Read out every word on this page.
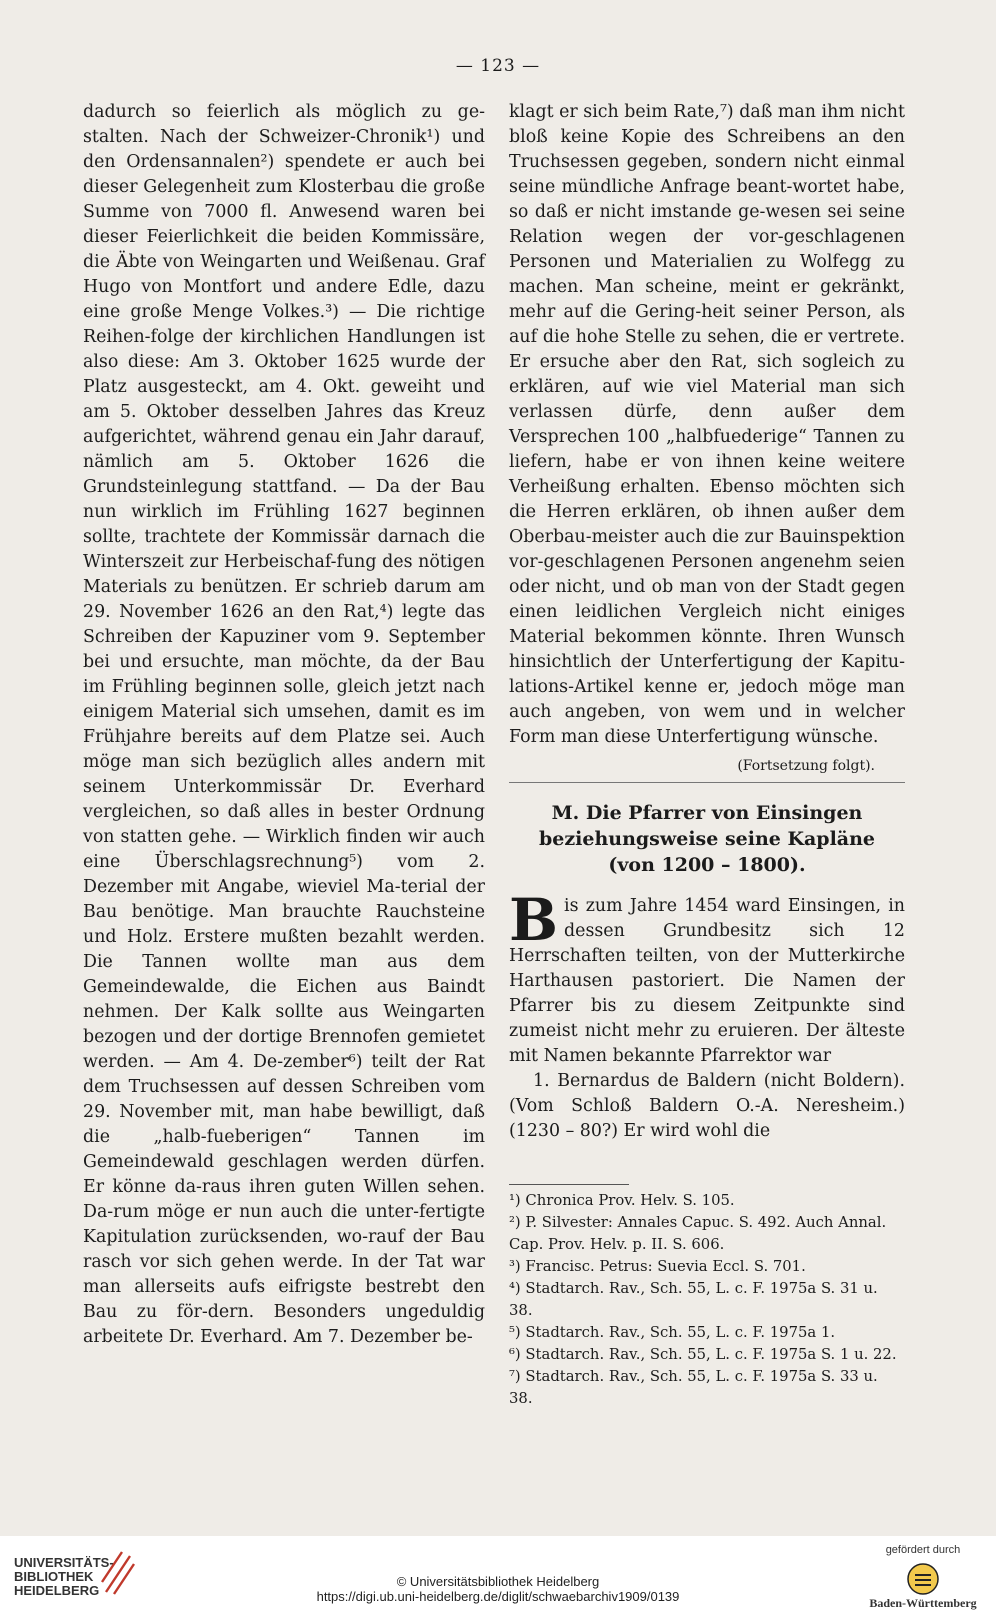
— 123 —

dadurch so feierlich als möglich zu ge-stalten. Nach der Schweizer-Chronik¹) und den Ordensannalen²) spendete er auch bei dieser Gelegenheit zum Klosterbau die große Summe von 7000 fl. Anwesend waren bei dieser Feierlichkeit die beiden Kommissäre, die Äbte von Weingarten und Weißenau. Graf Hugo von Montfort und andere Edle, dazu eine große Menge Volkes.³) — Die richtige Reihen-folge der kirchlichen Handlungen ist also diese: Am 3. Oktober 1625 wurde der Platz ausgesteckt, am 4. Okt. geweiht und am 5. Oktober desselben Jahres das Kreuz aufgerichtet, während genau ein Jahr darauf, nämlich am 5. Oktober 1626 die Grundsteinlegung stattfand. — Da der Bau nun wirklich im Frühling 1627 beginnen sollte, trachtete der Kommissär darnach die Winterszeit zur Herbeischaf-fung des nötigen Materials zu benützen. Er schrieb darum am 29. November 1626 an den Rat,⁴) legte das Schreiben der Kapuziner vom 9. September bei und ersuchte, man möchte, da der Bau im Frühling beginnen solle, gleich jetzt nach einigem Material sich umsehen, damit es im Frühjahre bereits auf dem Platze sei. Auch möge man sich bezüglich alles andern mit seinem Unterkommissär Dr. Everhard vergleichen, so daß alles in bester Ordnung von statten gehe. — Wirklich finden wir auch eine Überschlagsrechnung⁵) vom 2. Dezember mit Angabe, wieviel Ma-terial der Bau benötige. Man brauchte Rauchsteine und Holz. Erstere mußten bezahlt werden. Die Tannen wollte man aus dem Gemeindewalde, die Eichen aus Baindt nehmen. Der Kalk sollte aus Weingarten bezogen und der dortige Brennofen gemietet werden. — Am 4. De-zember⁶) teilt der Rat dem Truchsessen auf dessen Schreiben vom 29. November mit, man habe bewilligt, daß die „halb-fueberigen“ Tannen im Gemeindewald geschlagen werden dürfen. Er könne da-raus ihren guten Willen sehen. Da-rum möge er nun auch die unter-fertigte Kapitulation zurücksenden, wo-rauf der Bau rasch vor sich gehen werde. In der Tat war man allerseits aufs eifrigste bestrebt den Bau zu för-dern. Besonders ungeduldig arbeitete Dr. Everhard. Am 7. Dezember be-

klagt er sich beim Rate,⁷) daß man ihm nicht bloß keine Kopie des Schreibens an den Truchsessen gegeben, sondern nicht einmal seine mündliche Anfrage beant-wortet habe, so daß er nicht imstande ge-wesen sei seine Relation wegen der vor-geschlagenen Personen und Materialien zu Wolfegg zu machen. Man scheine, meint er gekränkt, mehr auf die Gering-heit seiner Person, als auf die hohe Stelle zu sehen, die er vertrete. Er ersuche aber den Rat, sich sogleich zu erklären, auf wie viel Material man sich verlassen dürfe, denn außer dem Versprechen 100 „halbfuederige“ Tannen zu liefern, habe er von ihnen keine weitere Verheißung erhalten. Ebenso möchten sich die Herren erklären, ob ihnen außer dem Oberbau-meister auch die zur Bauinspektion vor-geschlagenen Personen angenehm seien oder nicht, und ob man von der Stadt gegen einen leidlichen Vergleich nicht einiges Material bekommen könnte. Ihren Wunsch hinsichtlich der Unterfertigung der Kapitu-lations-Artikel kenne er, jedoch möge man auch angeben, von wem und in welcher Form man diese Unterfertigung wünsche.

(Fortsetzung folgt).
M. Die Pfarrer von Einsingen
beziehungsweise seine Kapläne
(von 1200 – 1800).

Bis zum Jahre 1454 ward Einsingen, in dessen Grundbesitz sich 12 Herrschaften teilten, von der Mutterkirche Harthausen pastoriert. Die Namen der Pfarrer bis zu diesem Zeitpunkte sind zumeist nicht mehr zu eruieren. Der älteste mit Namen bekannte Pfarrektor war

1. Bernardus de Baldern (nicht Boldern). (Vom Schloß Baldern O.-A. Neresheim.) (1230 – 80?) Er wird wohl die

¹) Chronica Prov. Helv. S. 105.
²) P. Silvester: Annales Capuc. S. 492. Auch Annal. Cap. Prov. Helv. p. II. S. 606.
³) Francisc. Petrus: Suevia Eccl. S. 701.
⁴) Stadtarch. Rav., Sch. 55, L. c. F. 1975a S. 31 u. 38.
⁵) Stadtarch. Rav., Sch. 55, L. c. F. 1975a 1.
⁶) Stadtarch. Rav., Sch. 55, L. c. F. 1975a S. 1 u. 22.
⁷) Stadtarch. Rav., Sch. 55, L. c. F. 1975a S. 33 u. 38.
UNIVERSITÄTS-
BIBLIOTHEK
HEIDELBERG
© Universitätsbibliothek Heidelberg
https://digi.ub.uni-heidelberg.de/diglit/schwaebarchiv1909/0139
gefördert durch
Baden-Württemberg
